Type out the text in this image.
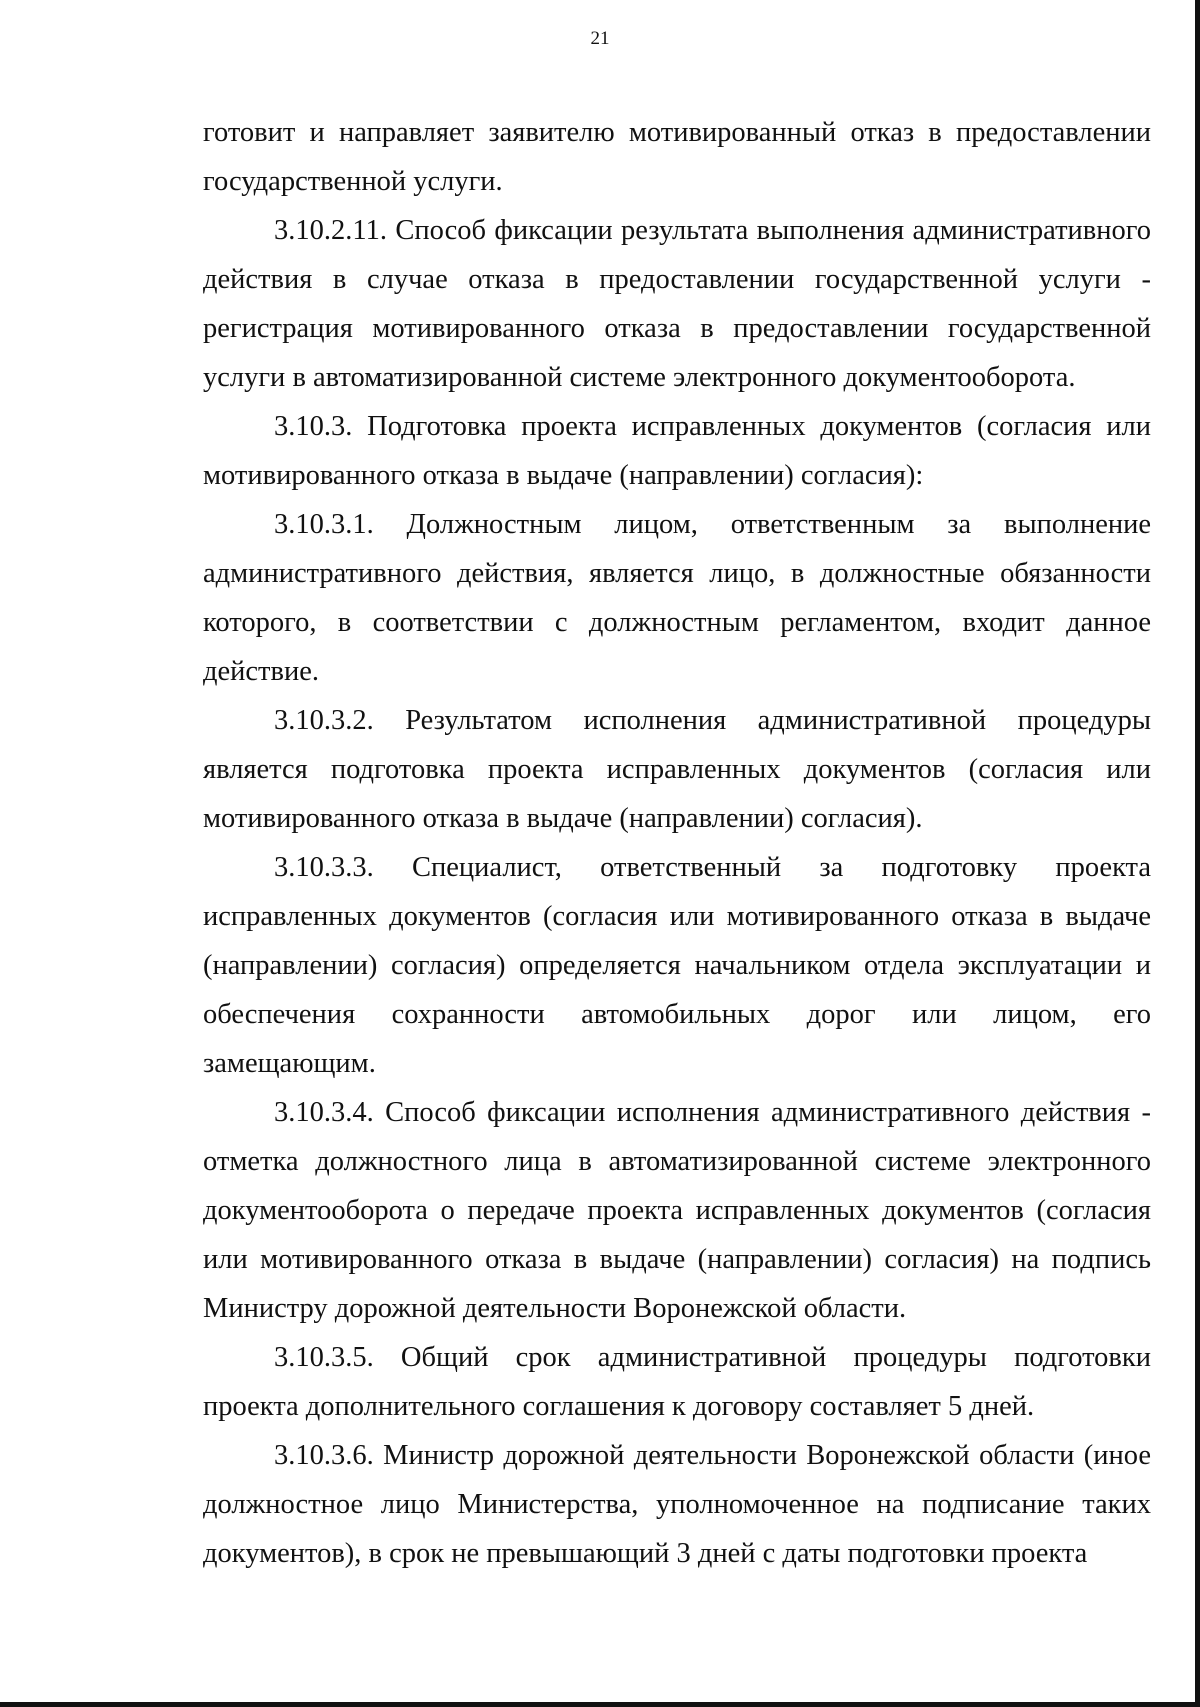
21

готовит и направляет заявителю мотивированный отказ в предоставлении государственной услуги.

3.10.2.11. Способ фиксации результата выполнения административного действия в случае отказа в предоставлении государственной услуги - регистрация мотивированного отказа в предоставлении государственной услуги в автоматизированной системе электронного документооборота.

3.10.3. Подготовка проекта исправленных документов (согласия или мотивированного отказа в выдаче (направлении) согласия):

3.10.3.1. Должностным лицом, ответственным за выполнение административного действия, является лицо, в должностные обязанности которого, в соответствии с должностным регламентом, входит данное действие.

3.10.3.2. Результатом исполнения административной процедуры является подготовка проекта исправленных документов (согласия или мотивированного отказа в выдаче (направлении) согласия).

3.10.3.3. Специалист, ответственный за подготовку проекта исправленных документов (согласия или мотивированного отказа в выдаче (направлении) согласия) определяется начальником отдела эксплуатации и обеспечения сохранности автомобильных дорог или лицом, его замещающим.

3.10.3.4. Способ фиксации исполнения административного действия - отметка должностного лица в автоматизированной системе электронного документооборота о передаче проекта исправленных документов (согласия или мотивированного отказа в выдаче (направлении) согласия) на подпись Министру дорожной деятельности Воронежской области.

3.10.3.5. Общий срок административной процедуры подготовки проекта дополнительного соглашения к договору составляет 5 дней.

3.10.3.6. Министр дорожной деятельности Воронежской области (иное должностное лицо Министерства, уполномоченное на подписание таких документов), в срок не превышающий 3 дней с даты подготовки проекта
